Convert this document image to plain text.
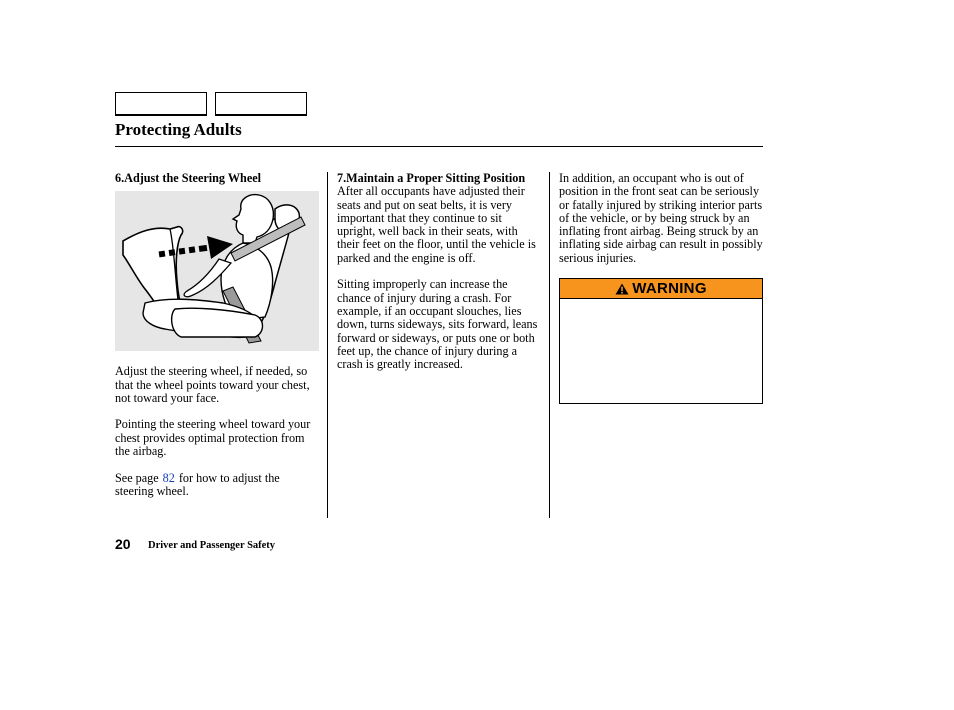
Protecting Adults
6.Adjust the Steering Wheel

Adjust the steering wheel, if needed, so that the wheel points toward your chest, not toward your face.

Pointing the steering wheel toward your chest provides optimal protection from the airbag.

See page 82 for how to adjust the steering wheel.

7. Maintain a Proper Sitting Position

After all occupants have adjusted their seats and put on seat belts, it is very important that they continue to sit upright, well back in their seats, with their feet on the floor, until the vehicle is parked and the engine is off.

Sitting improperly can increase the chance of injury during a crash. For example, if an occupant slouches, lies down, turns sideways, sits forward, leans forward or sideways, or puts one or both feet up, the chance of injury during a crash is greatly increased.

In addition, an occupant who is out of position in the front seat can be seriously or fatally injured by striking interior parts of the vehicle, or by being struck by an inflating front airbag. Being struck by an inflating side airbag can result in possibly serious injuries.

WARNING
20 Driver and Passenger Safety
